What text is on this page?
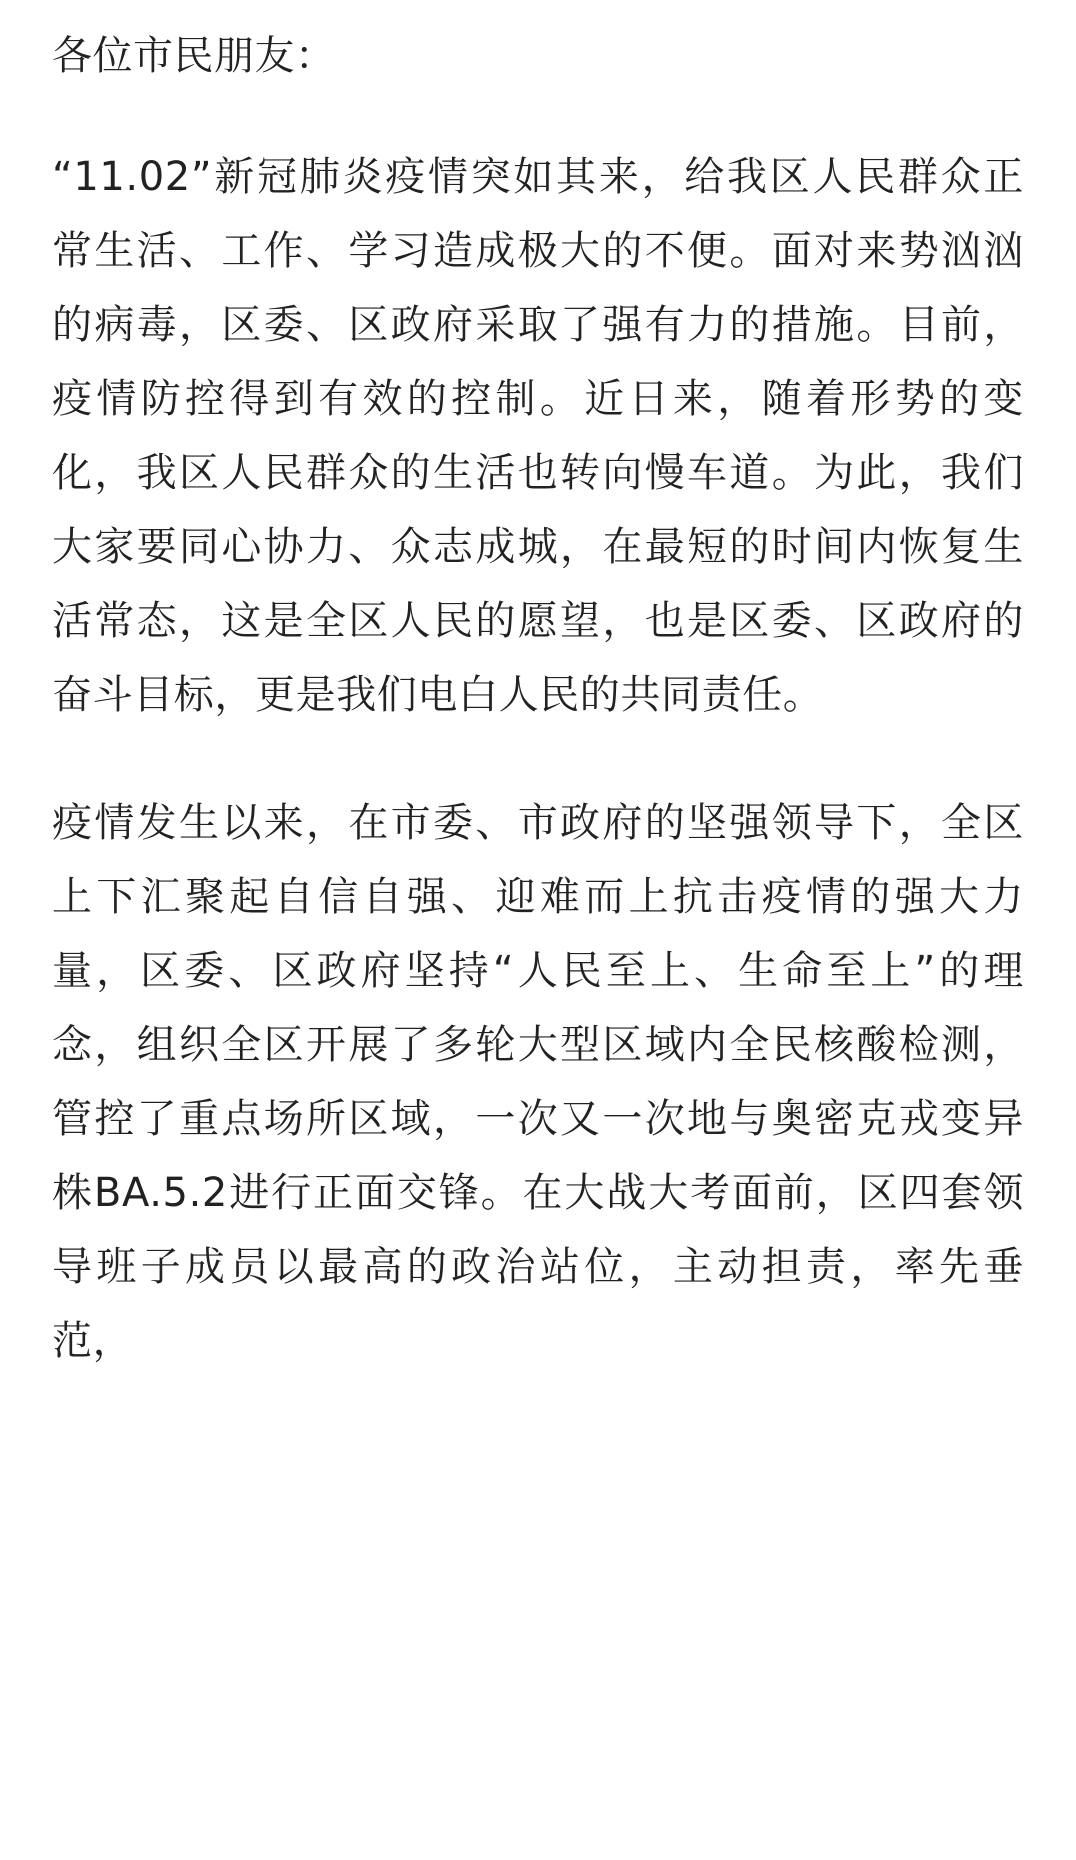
各位市民朋友：

“11.02”新冠肺炎疫情突如其来，给我区人民群众正常生活、工作、学习造成极大的不便。面对来势汹汹的病毒，区委、区政府采取了强有力的措施。目前，疫情防控得到有效的控制。近日来，随着形势的变化，我区人民群众的生活也转向慢车道。为此，我们大家要同心协力、众志成城，在最短的时间内恢复生活常态，这是全区人民的愿望，也是区委、区政府的奋斗目标，更是我们电白人民的共同责任。

疫情发生以来，在市委、市政府的坚强领导下，全区上下汇聚起自信自强、迎难而上抗击疫情的强大力量，区委、区政府坚持“人民至上、生命至上”的理念，组织全区开展了多轮大型区域内全民核酸检测，管控了重点场所区域，一次又一次地与奥密克戎变异株BA.5.2进行正面交锋。在大战大考面前，区四套领导班子成员以最高的政治站位，主动担责，率先垂范，
